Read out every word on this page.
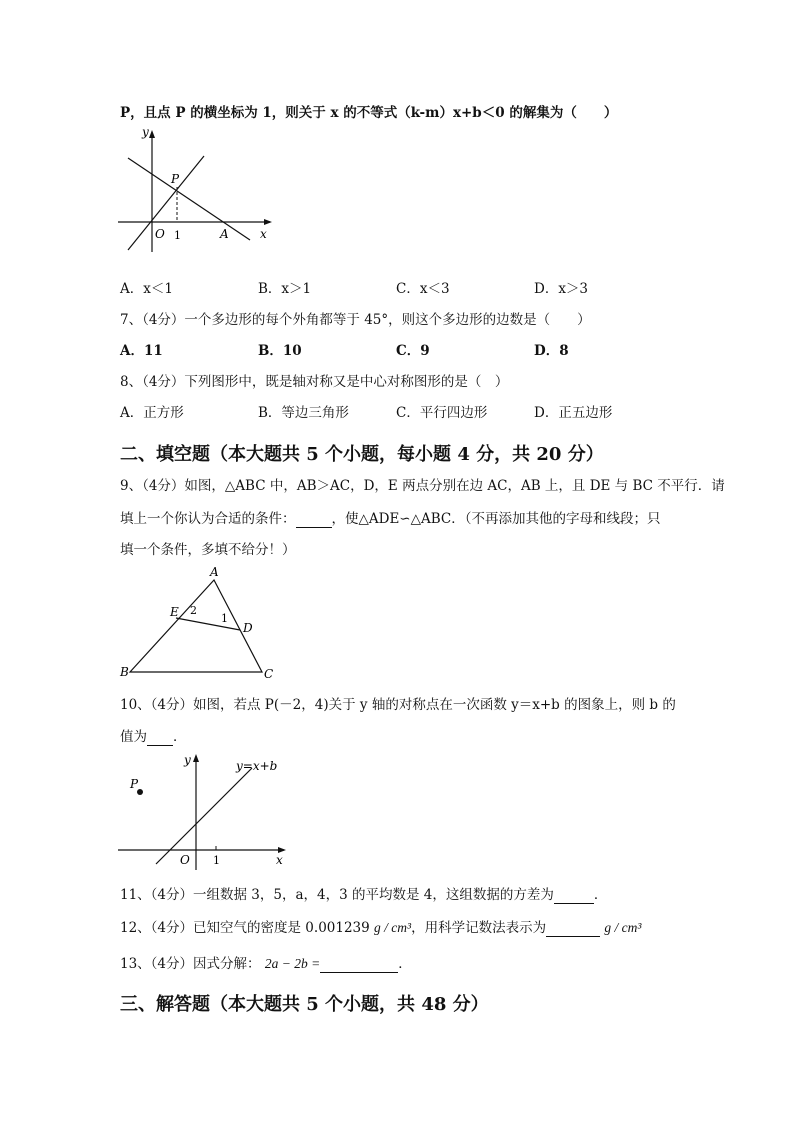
P，且点 P 的横坐标为 1，则关于 x 的不等式（k-m）x+b＜0 的解集为（　　）
y
x
O
P
A
1
A．x＜1	B．x＞1	C．x＜3	D．x＞3
7、（4分）一个多边形的每个外角都等于 45°，则这个多边形的边数是（　　）
A．11	B．10	C．9	D．8
8、（4分）下列图形中，既是轴对称又是中心对称图形的是（　）
A．正方形	B．等边三角形	C．平行四边形	D．正五边形
二、填空题（本大题共 5 个小题，每小题 4 分，共 20 分）
9、（4分）如图，△ABC 中，AB＞AC，D，E 两点分别在边 AC，AB 上，且 DE 与 BC 不平行．请
填上一个你认为合适的条件：	，使△ADE∽△ABC．（不再添加其他的字母和线段；只
填一个条件，多填不给分！）
A
B	C
D
E	1
2
10、（4分）如图，若点 P(－2，4)关于 y 轴的对称点在一次函数 y＝x+b 的图象上，则 b 的
值为 ．
P
y
x
O 1
y=x+b
11、（4分）一组数据 3，5，a，4，3 的平均数是 4，这组数据的方差为	．
12、（4分）已知空气的密度是 0.001239 g / cm³，用科学记数法表示为	g / cm³
13、（4分）因式分解： 2a − 2b =	．
三、解答题（本大题共 5 个小题，共 48 分）
